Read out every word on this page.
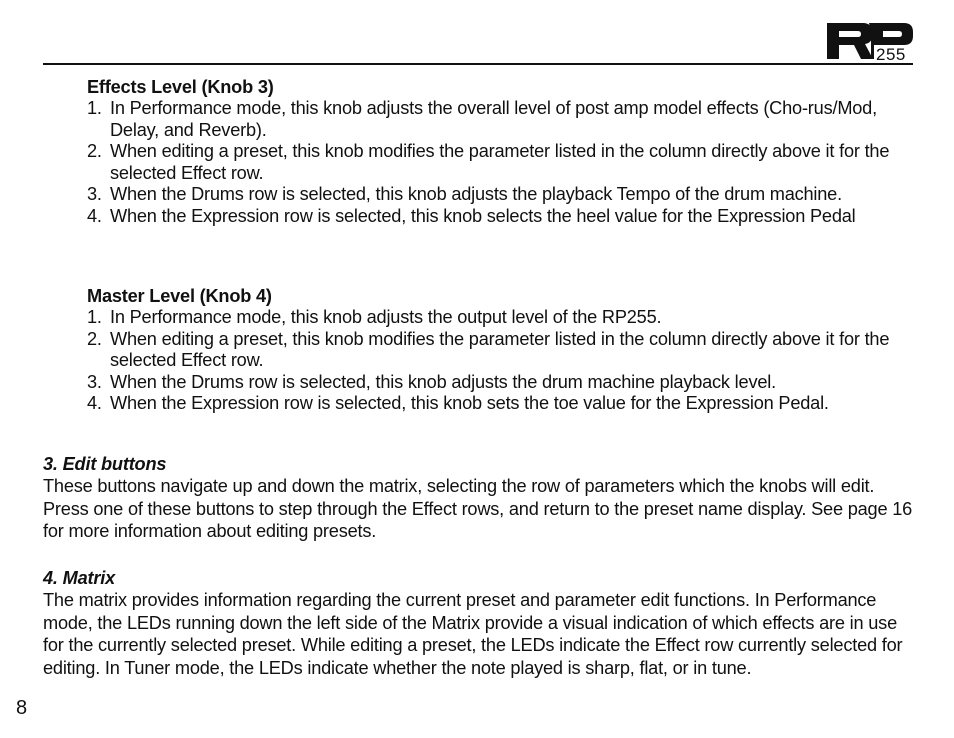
255
Effects Level (Knob 3)
1. In Performance mode, this knob adjusts the overall level of post amp model effects (Cho-rus/Mod, Delay, and Reverb).
2. When editing a preset, this knob modifies the parameter listed in the column directly above it for the selected Effect row.
3. When the Drums row is selected, this knob adjusts the playback Tempo of the drum machine.
4. When the Expression row is selected, this knob selects the heel value for the Expression Pedal
Master Level (Knob 4)
1. In Performance mode, this knob adjusts the output level of the RP255.
2. When editing a preset, this knob modifies the parameter listed in the column directly above it for the selected Effect row.
3. When the Drums row is selected, this knob adjusts the drum machine playback level.
4. When the Expression row is selected, this knob sets the toe value for the Expression Pedal.
3. Edit buttons
These buttons navigate up and down the matrix, selecting the row of parameters which the knobs will edit. Press one of these buttons to step through the Effect rows, and return to the preset name display. See page 16 for more information about editing presets.
4. Matrix
The matrix provides information regarding the current preset and parameter edit functions. In Performance mode, the LEDs running down the left side of the Matrix provide a visual indication of which effects are in use for the currently selected preset. While editing a preset, the LEDs indicate the Effect row currently selected for editing. In Tuner mode, the LEDs indicate whether the note played is sharp, flat, or in tune.
8
